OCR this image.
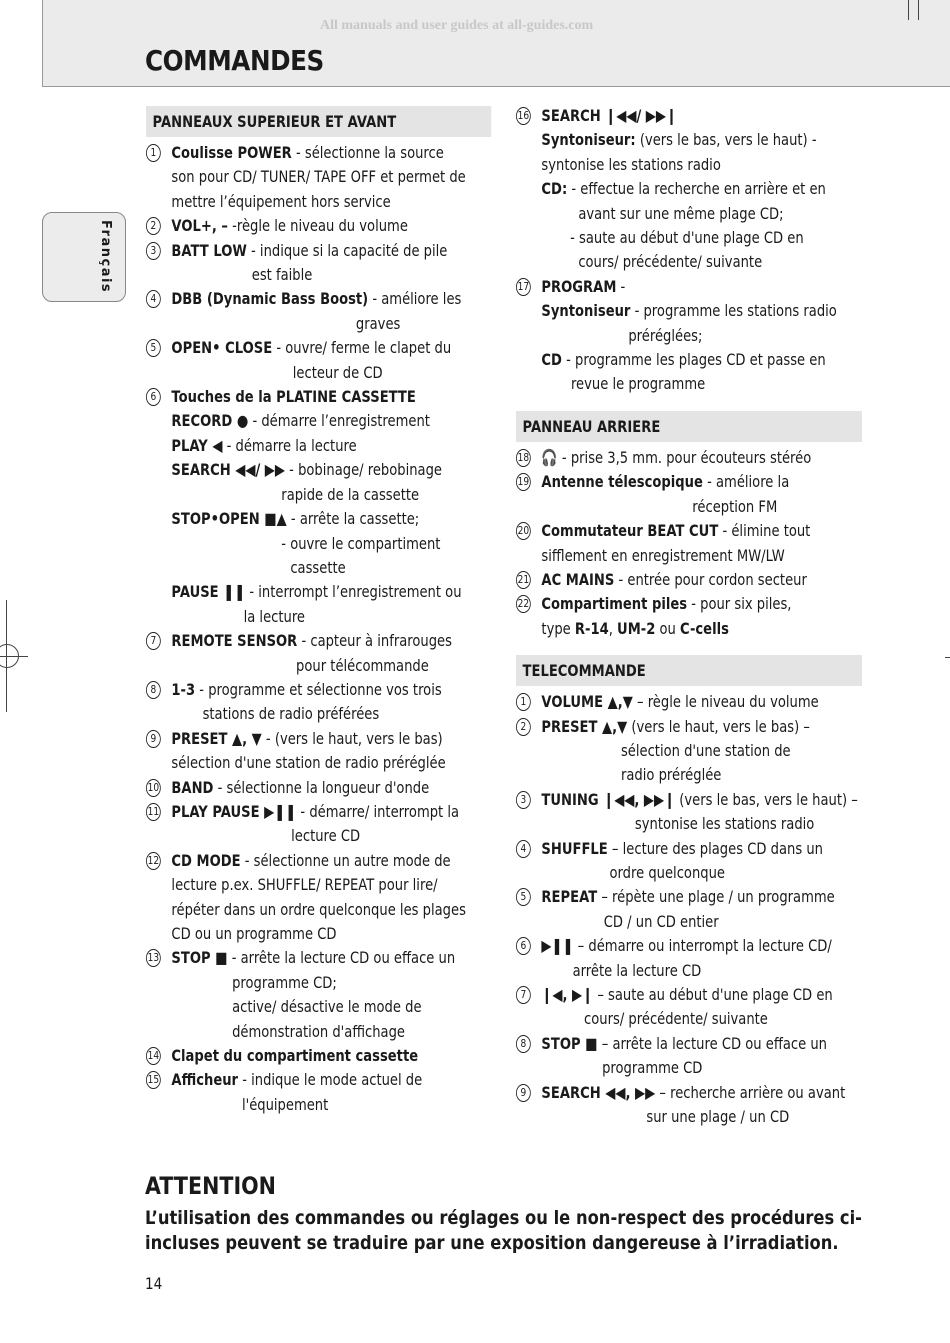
All manuals and user guides at all-guides.com
COMMANDES
Français
PANNEAUX SUPERIEUR ET AVANT
1 Coulisse POWER - sélectionne la source
son pour CD/ TUNER/ TAPE OFF et permet de
mettre l’équipement hors service
2 VOL+, – -règle le niveau du volume
3 BATT LOW - indique si la capacité de pile
est faible
4 DBB (Dynamic Bass Boost) - améliore les
graves
5 OPEN• CLOSE - ouvre/ ferme le clapet du
lecteur de CD
6 Touches de la PLATINE CASSETTE
RECORD ● - démarre l’enregistrement
PLAY ◀ - démarre la lecture
SEARCH ◀◀/ ▶▶ - bobinage/ rebobinage
rapide de la cassette
STOP•OPEN ■▲ - arrête la cassette;
- ouvre le compartiment
cassette
PAUSE ❚❚ - interrompt l’enregistrement ou
la lecture
7 REMOTE SENSOR - capteur à infrarouges
pour télécommande
8 1-3 - programme et sélectionne vos trois
stations de radio préférées
9 PRESET ▲, ▼ - (vers le haut, vers le bas)
sélection d'une station de radio préréglée
10 BAND - sélectionne la longueur d'onde
11 PLAY PAUSE ▶❚❚ - démarre/ interrompt la
lecture CD
12 CD MODE - sélectionne un autre mode de
lecture p.ex. SHUFFLE/ REPEAT pour lire/
répéter dans un ordre quelconque les plages
CD ou un programme CD
13 STOP ■ - arrête la lecture CD ou efface un
programme CD;
active/ désactive le mode de
démonstration d'affichage
14 Clapet du compartiment cassette
15 Afficheur - indique le mode actuel de
l'équipement
16 SEARCH ❙◀◀/ ▶▶❙
Syntoniseur: (vers le bas, vers le haut) -
syntonise les stations radio
CD: - effectue la recherche en arrière et en
avant sur une même plage CD;
- saute au début d'une plage CD en
cours/ précédente/ suivante
17 PROGRAM -
Syntoniseur - programme les stations radio
préréglées;
CD - programme les plages CD et passe en
revue le programme
PANNEAU ARRIERE
18 🎧 - prise 3,5 mm. pour écouteurs stéréo
19 Antenne télescopique - améliore la
réception FM
20 Commutateur BEAT CUT - élimine tout
sifflement en enregistrement MW/LW
21 AC MAINS - entrée pour cordon secteur
22 Compartiment piles - pour six piles,
type R-14, UM-2 ou C-cells
TELECOMMANDE
1 VOLUME ▲,▼ – règle le niveau du volume
2 PRESET ▲,▼ (vers le haut, vers le bas) –
sélection d'une station de
radio préréglée
3 TUNING ❙◀◀, ▶▶❙ (vers le bas, vers le haut) –
syntonise les stations radio
4 SHUFFLE – lecture des plages CD dans un
ordre quelconque
5 REPEAT – répète une plage / un programme
CD / un CD entier
6 ▶❚❚ – démarre ou interrompt la lecture CD/
arrête la lecture CD
7 ❙◀, ▶❙ – saute au début d'une plage CD en
cours/ précédente/ suivante
8 STOP ■ – arrête la lecture CD ou efface un
programme CD
9 SEARCH ◀◀, ▶▶ – recherche arrière ou avant
sur une plage / un CD
ATTENTION

L’utilisation des commandes ou réglages ou le non-respect des procédures ci-
incluses peuvent se traduire par une exposition dangereuse à l’irradiation.

14
